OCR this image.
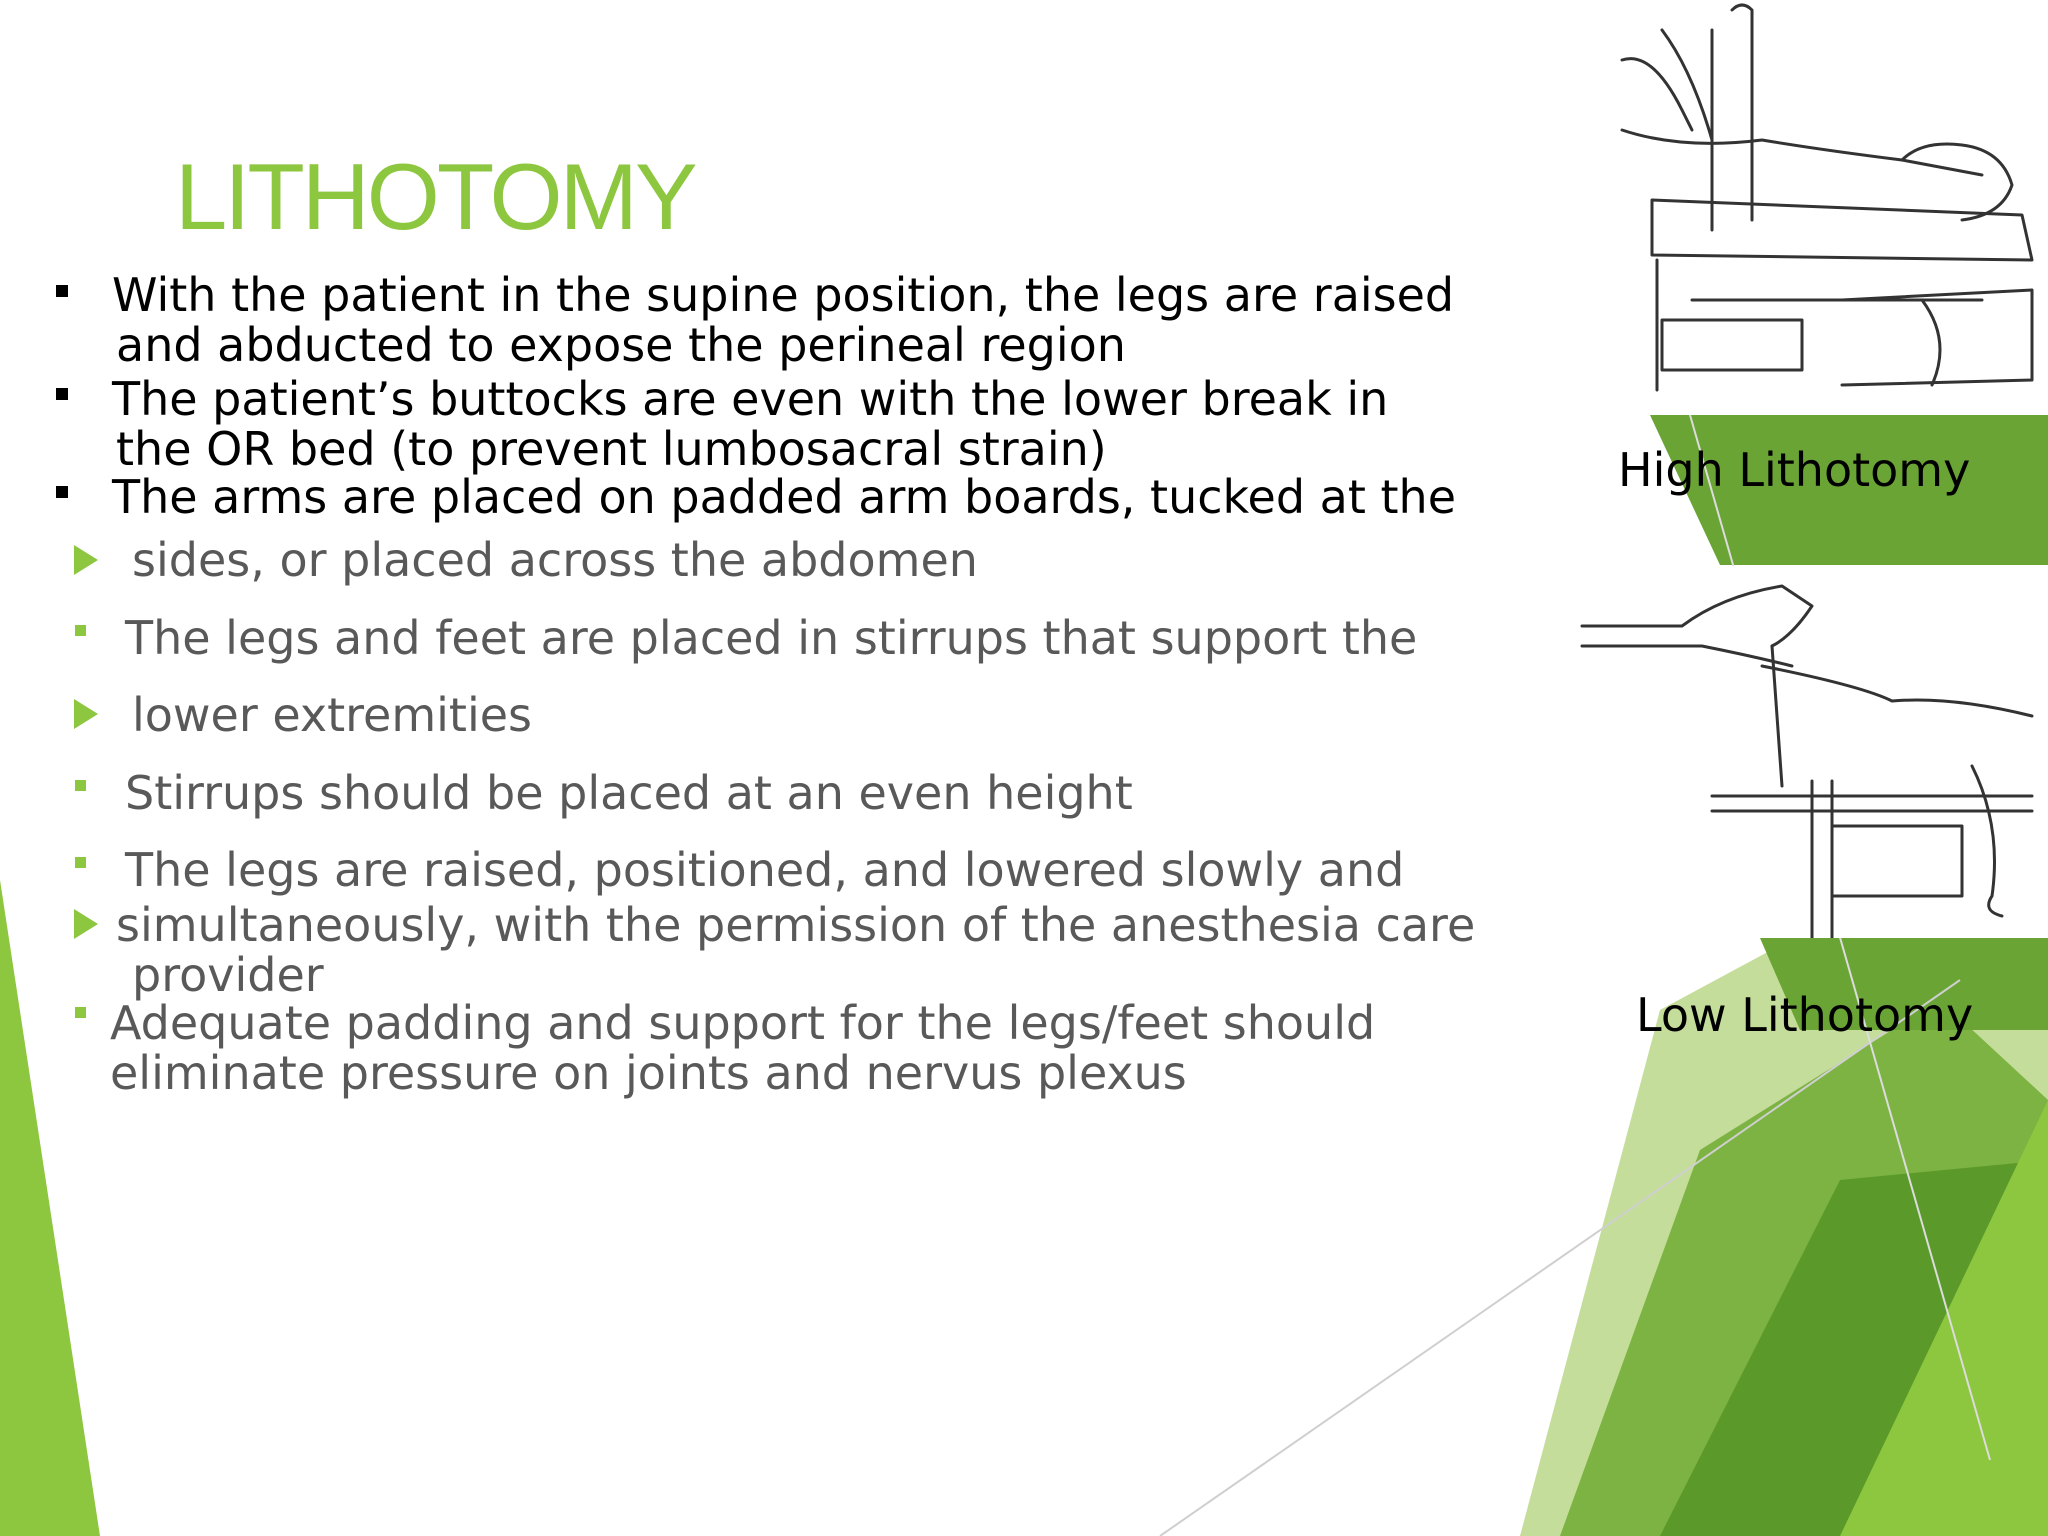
LITHOTOMY
With the patient in the supine position, the legs are raised
and abducted to expose the perineal region
The patient’s buttocks are even with the lower break in
the OR bed (to prevent lumbosacral strain)
The arms are placed on padded arm boards, tucked at the
sides, or placed across the abdomen
The legs and feet are placed in stirrups that support the
lower extremities
Stirrups should be placed at an even height
The legs are raised, positioned, and lowered slowly and
simultaneously, with the permission of the anesthesia care
provider
Adequate padding and support for the legs/feet should
eliminate pressure on joints and nervus plexus
High Lithotomy
Low Lithotomy
